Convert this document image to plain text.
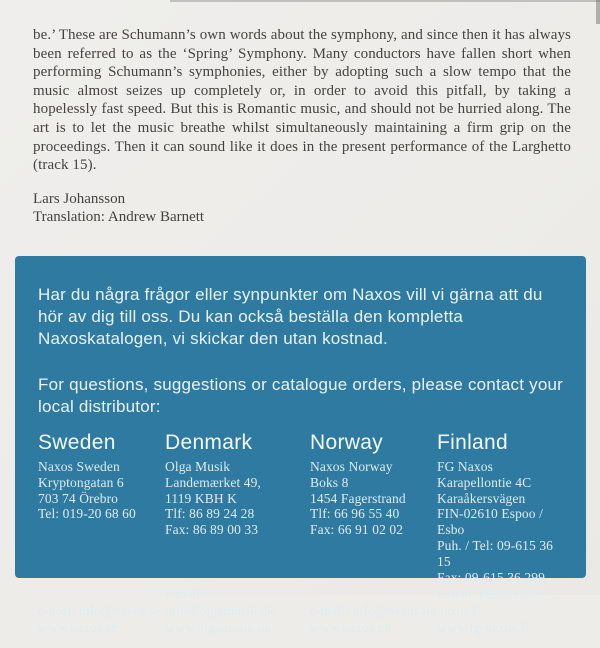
be.’ These are Schumann’s own words about the symphony, and since then it has always been referred to as the ‘Spring’ Symphony. Many conductors have fallen short when performing Schumann’s symphonies, either by adopting such a slow tempo that the music almost seizes up completely or, in order to avoid this pitfall, by taking a hopelessly fast speed. But this is Romantic music, and should not be hurried along. The art is to let the music breathe whilst simultaneously maintaining a firm grip on the proceedings. Then it can sound like it does in the present performance of the Larghetto (track 15).

Lars Johansson

Translation: Andrew Barnett

Har du några frågor eller synpunkter om Naxos vill vi gärna att du hör av dig till oss. Du kan också beställa den kompletta Naxoskatalogen, vi skickar den utan kostnad.

For questions, suggestions or catalogue orders, please contact your local distributor:

Sweden
Naxos Sweden
Kryptongatan 6
703 74 Örebro
Tel: 019-20 68 60
e-post: info@naxos.se
www.naxos.se
Denmark
Olga Musik
Landemærket 49,
1119 KBH K
Tlf: 86 89 24 28
Fax: 86 89 00 33
e-mail: info@olgamusik.dk
www.olgamusik.dk
Norway
Naxos Norway
Boks 8
1454 Fagerstrand
Tlf: 66 96 55 40
Fax: 66 91 02 02
e-mail: info@naxos.no
www.naxos.no
Finland
FG Naxos
Karapellontie 4C
Karaåkersvägen
FIN-02610 Espoo / Esbo
Puh. / Tel: 09-615 36 15
Fax: 09-615 36 299
e-mail: palaute@fg-naxos.fi
www.fg-naxos.fi
